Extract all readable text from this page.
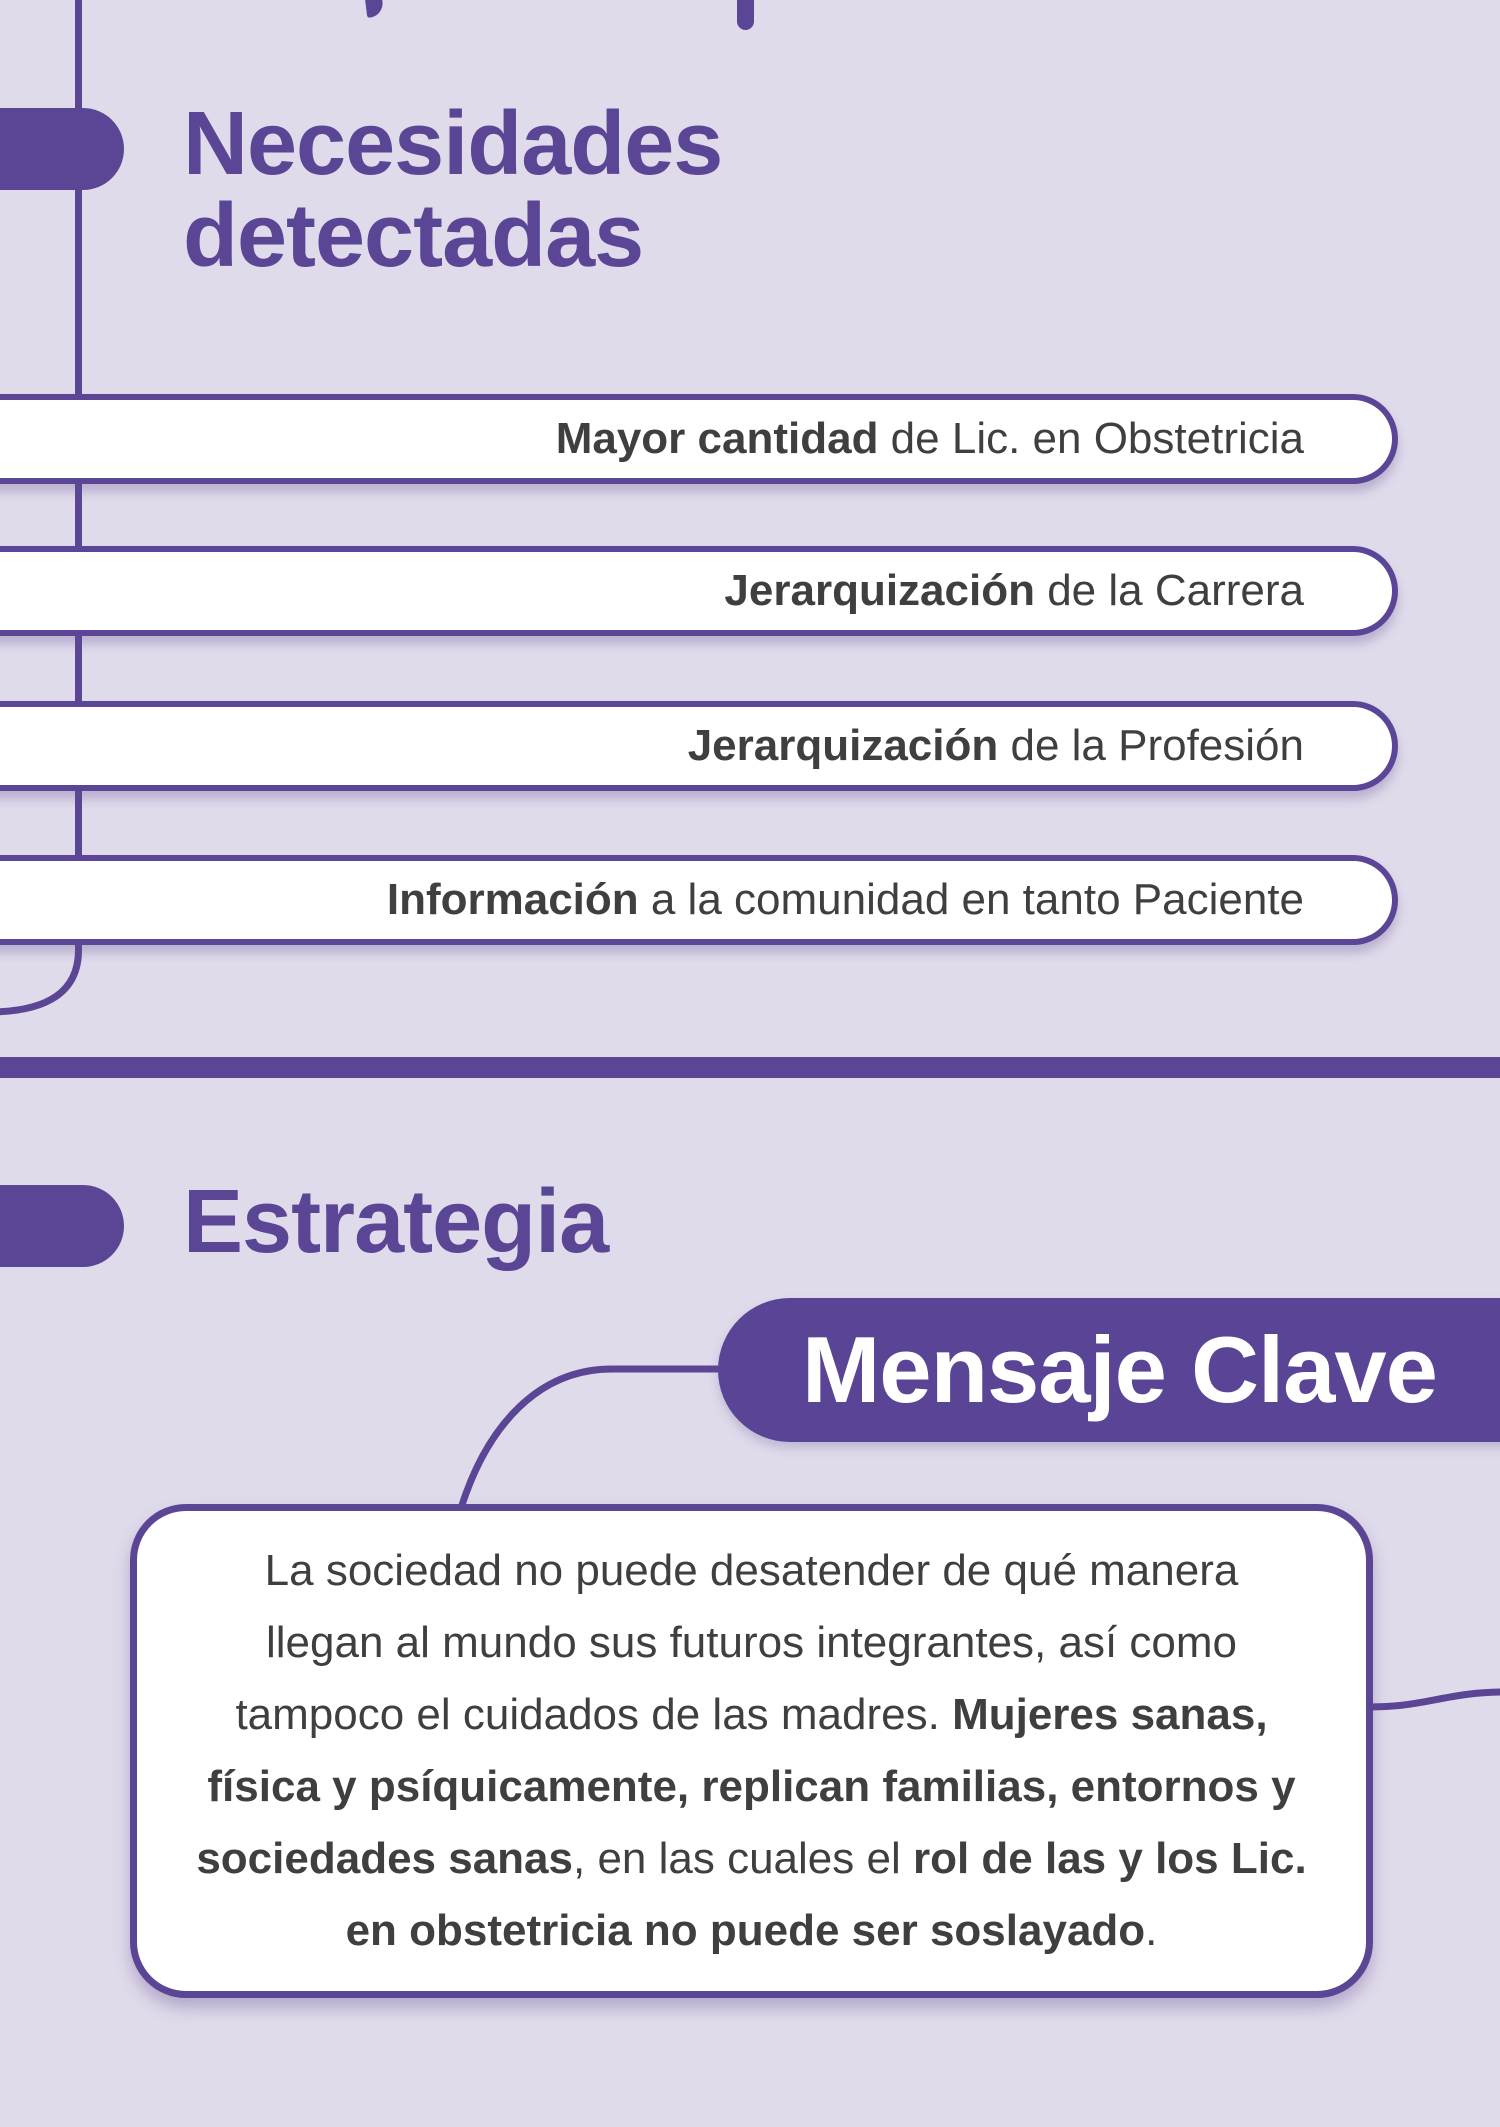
Necesidades
detectadas
Mayor cantidad de Lic. en Obstetricia
Jerarquización de la Carrera
Jerarquización de la Profesión
Información a la comunidad en tanto Paciente
Estrategia
Mensaje Clave
La sociedad no puede desatender de qué manera
llegan al mundo sus futuros integrantes, así como
tampoco el cuidados de las madres. Mujeres sanas,
física y psíquicamente, replican familias, entornos y
sociedades sanas, en las cuales el rol de las y los Lic.
en obstetricia no puede ser soslayado.
